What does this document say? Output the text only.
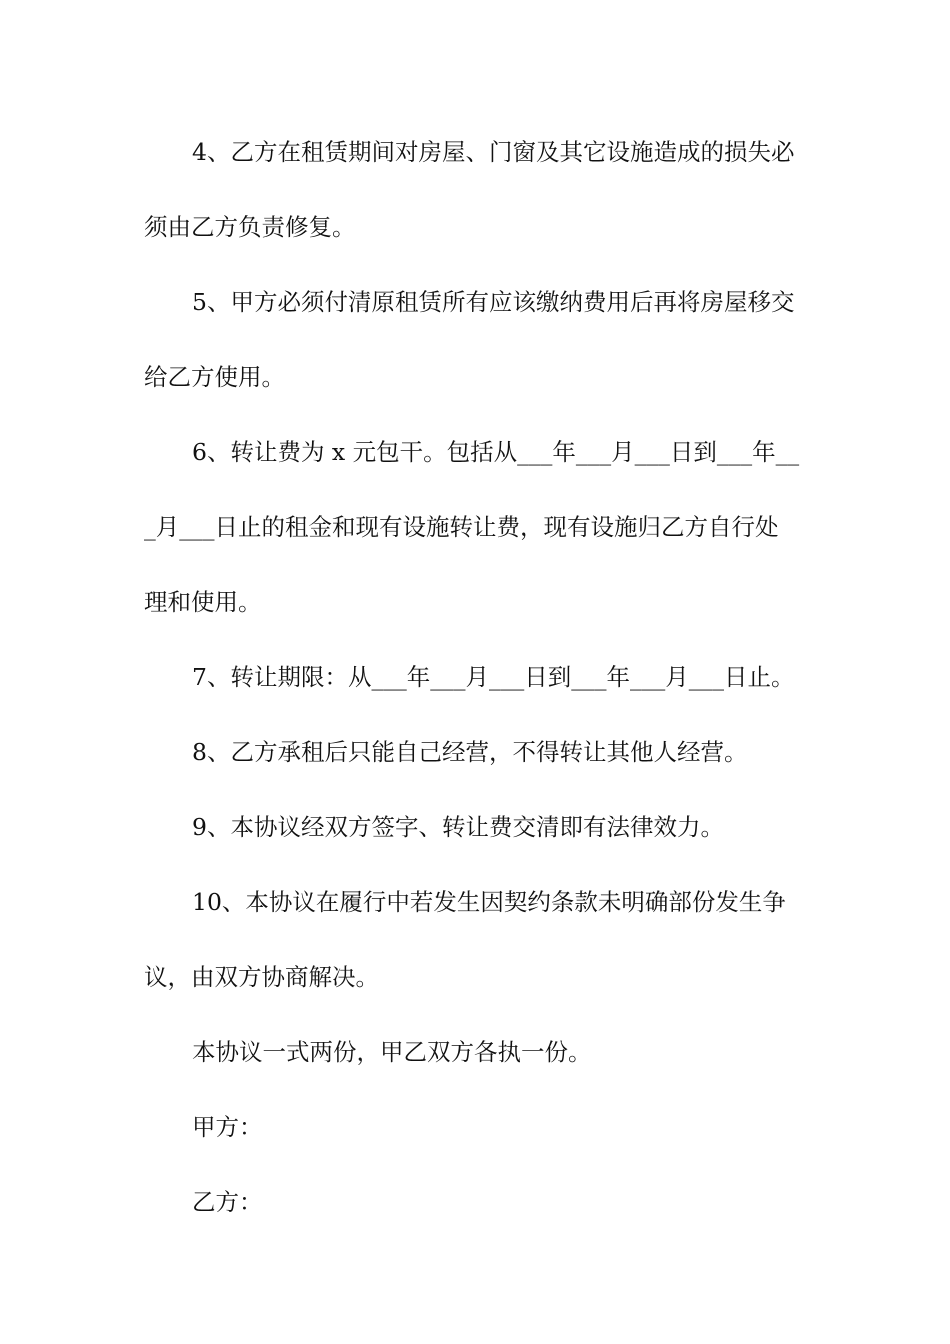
4、乙方在租赁期间对房屋、门窗及其它设施造成的损失必
须由乙方负责修复。
5、甲方必须付清原租赁所有应该缴纳费用后再将房屋移交
给乙方使用。
6、转让费为 x 元包干。包括从___年___月___日到___年__
_月___日止的租金和现有设施转让费，现有设施归乙方自行处
理和使用。
7、转让期限：从___年___月___日到___年___月___日止。
8、乙方承租后只能自己经营，不得转让其他人经营。
9、本协议经双方签字、转让费交清即有法律效力。
10、本协议在履行中若发生因契约条款未明确部份发生争
议，由双方协商解决。
本协议一式两份，甲乙双方各执一份。
甲方：
乙方：
